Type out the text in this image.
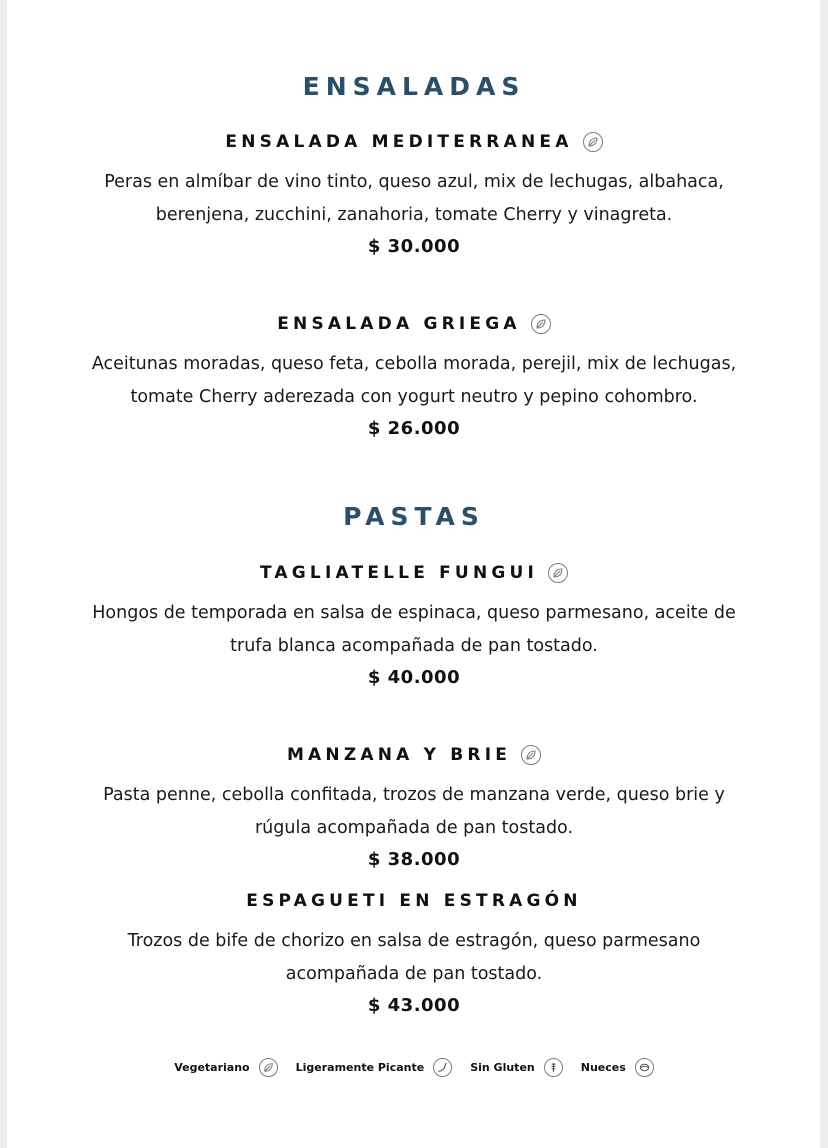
ENSALADAS
ENSALADA MEDITERRANEA
Peras en almíbar de vino tinto, queso azul, mix de lechugas, albahaca, berenjena, zucchini, zanahoria, tomate Cherry y vinagreta.
$ 30.000
ENSALADA GRIEGA
Aceitunas moradas, queso feta, cebolla morada, perejil, mix de lechugas, tomate Cherry aderezada con yogurt neutro y pepino cohombro.
$ 26.000
PASTAS
TAGLIATELLE FUNGUI
Hongos de temporada en salsa de espinaca, queso parmesano, aceite de trufa blanca acompañada de pan tostado.
$ 40.000
MANZANA Y BRIE
Pasta penne, cebolla confitada, trozos de manzana verde, queso brie y rúgula acompañada de pan tostado.
$ 38.000
ESPAGUETI EN ESTRAGÓN
Trozos de bife de chorizo en salsa de estragón, queso parmesano acompañada de pan tostado.
$ 43.000
Vegetariano	Ligeramente Picante	Sin Gluten	Nueces
